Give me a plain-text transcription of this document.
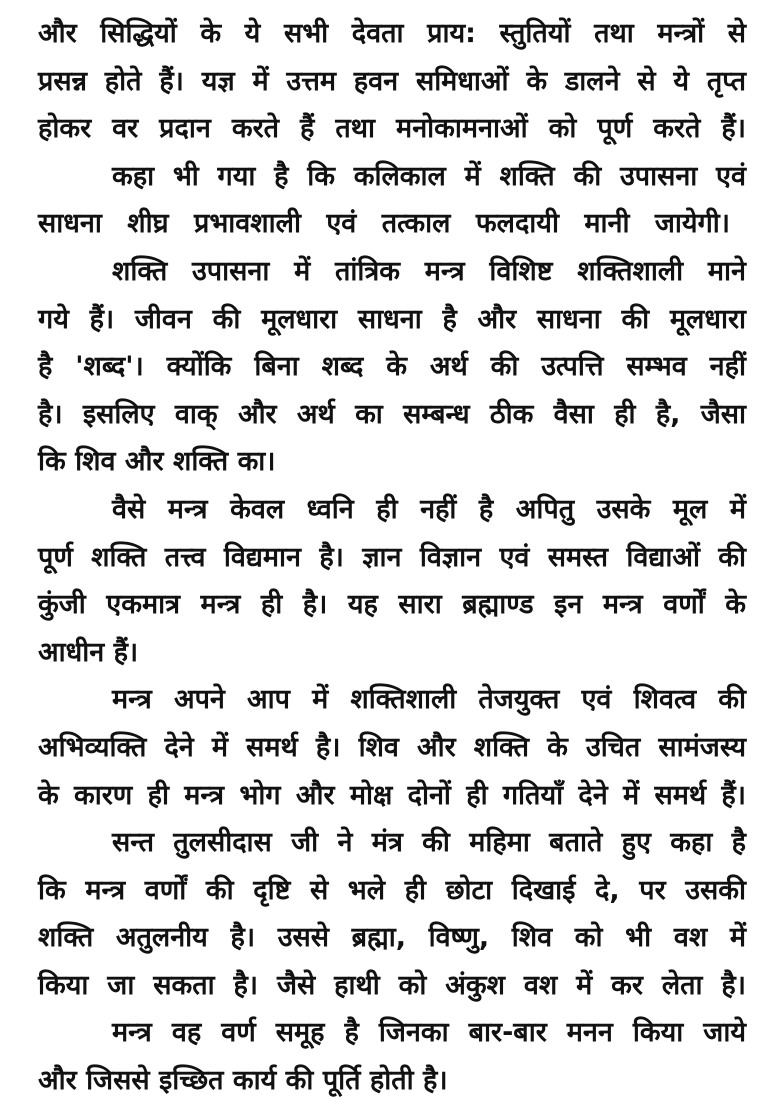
और सिद्धियों के ये सभी देवता प्राय: स्तुतियों तथा मन्त्रों से
प्रसन्न होते हैं। यज्ञ में उत्तम हवन समिधाओं के डालने से ये तृप्त
होकर वर प्रदान करते हैं तथा मनोकामनाओं को पूर्ण करते हैं।
कहा भी गया है कि कलिकाल में शक्ति की उपासना एवं
साधना शीघ्र प्रभावशाली एवं तत्काल फलदायी मानी जायेगी।
शक्ति उपासना में तांत्रिक मन्त्र विशिष्ट शक्तिशाली माने
गये हैं। जीवन की मूलधारा साधना है और साधना की मूलधारा
है 'शब्द'। क्योंकि बिना शब्द के अर्थ की उत्पत्ति सम्भव नहीं
है। इसलिए वाक् और अर्थ का सम्बन्ध ठीक वैसा ही है, जैसा
कि शिव और शक्ति का।
वैसे मन्त्र केवल ध्वनि ही नहीं है अपितु उसके मूल में
पूर्ण शक्ति तत्त्व विद्यमान है। ज्ञान विज्ञान एवं समस्त विद्याओं की
कुंजी एकमात्र मन्त्र ही है। यह सारा ब्रह्माण्ड इन मन्त्र वर्णों के
आधीन हैं।
मन्त्र अपने आप में शक्तिशाली तेजयुक्त एवं शिवत्व की
अभिव्यक्ति देने में समर्थ है। शिव और शक्ति के उचित सामंजस्य
के कारण ही मन्त्र भोग और मोक्ष दोनों ही गतियाँ देने में समर्थ हैं।
सन्त तुलसीदास जी ने मंत्र की महिमा बताते हुए कहा है
कि मन्त्र वर्णों की दृष्टि से भले ही छोटा दिखाई दे, पर उसकी
शक्ति अतुलनीय है। उससे ब्रह्मा, विष्णु, शिव को भी वश में
किया जा सकता है। जैसे हाथी को अंकुश वश में कर लेता है।
मन्त्र वह वर्ण समूह है जिनका बार-बार मनन किया जाये
और जिससे इच्छित कार्य की पूर्ति होती है।
